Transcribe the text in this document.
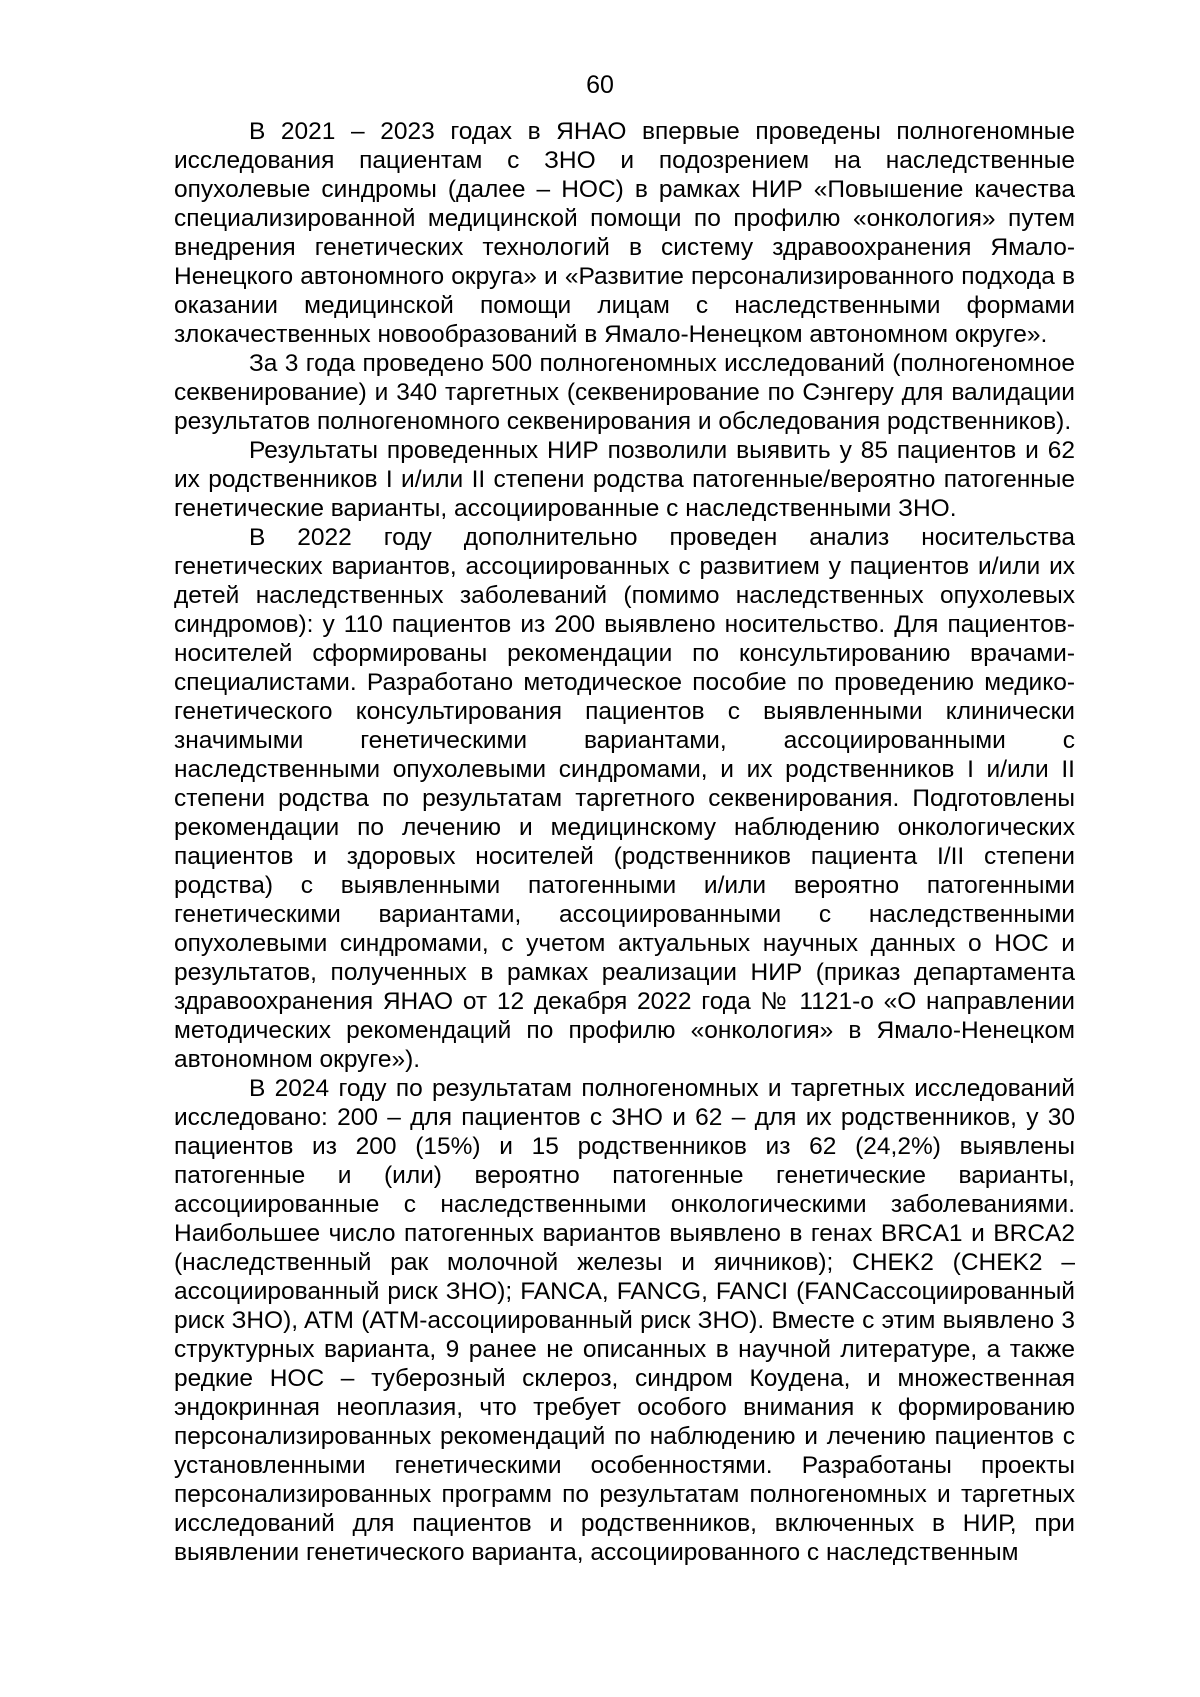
60

В 2021 – 2023 годах в ЯНАО впервые проведены полногеномные исследования пациентам с ЗНО и подозрением на наследственные опухолевые синдромы (далее – НОС) в рамках НИР «Повышение качества специализированной медицинской помощи по профилю «онкология» путем внедрения генетических технологий в систему здравоохранения Ямало-Ненецкого автономного округа» и «Развитие персонализированного подхода в оказании медицинской помощи лицам с наследственными формами злокачественных новообразований в Ямало-Ненецком автономном округе».

За 3 года проведено 500 полногеномных исследований (полногеномное секвенирование) и 340 таргетных (секвенирование по Сэнгеру для валидации результатов полногеномного секвенирования и обследования родственников).

Результаты проведенных НИР позволили выявить у 85 пациентов и 62 их родственников I и/или II степени родства патогенные/вероятно патогенные генетические варианты, ассоциированные с наследственными ЗНО.

В 2022 году дополнительно проведен анализ носительства генетических вариантов, ассоциированных с развитием у пациентов и/или их детей наследственных заболеваний (помимо наследственных опухолевых синдромов): у 110 пациентов из 200 выявлено носительство. Для пациентов-носителей сформированы рекомендации по консультированию врачами-специалистами. Разработано методическое пособие по проведению медико-генетического консультирования пациентов с выявленными клинически значимыми генетическими вариантами, ассоциированными с наследственными опухолевыми синдромами, и их родственников I и/или II степени родства по результатам таргетного секвенирования. Подготовлены рекомендации по лечению и медицинскому наблюдению онкологических пациентов и здоровых носителей (родственников пациента I/II степени родства) с выявленными патогенными и/или вероятно патогенными генетическими вариантами, ассоциированными с наследственными опухолевыми синдромами, с учетом актуальных научных данных о НОС и результатов, полученных в рамках реализации НИР (приказ департамента здравоохранения ЯНАО от 12 декабря 2022 года № 1121-о «О направлении методических рекомендаций по профилю «онкология» в Ямало-Ненецком автономном округе»).

В 2024 году по результатам полногеномных и таргетных исследований исследовано: 200 – для пациентов с ЗНО и 62 – для их родственников, у 30 пациентов из 200 (15%) и 15 родственников из 62 (24,2%) выявлены патогенные и (или) вероятно патогенные генетические варианты, ассоциированные с наследственными онкологическими заболеваниями. Наибольшее число патогенных вариантов выявлено в генах BRCA1 и BRCA2 (наследственный рак молочной железы и яичников); CHEK2 (CHEK2 – ассоциированный риск ЗНО); FANCA, FANCG, FANCI (FANCассоциированный риск ЗНО), ATM (ATM-ассоциированный риск ЗНО). Вместе с этим выявлено 3 структурных варианта, 9 ранее не описанных в научной литературе, а также редкие НОС – туберозный склероз, синдром Коудена, и множественная эндокринная неоплазия, что требует особого внимания к формированию персонализированных рекомендаций по наблюдению и лечению пациентов с установленными генетическими особенностями. Разработаны проекты персонализированных программ по результатам полногеномных и таргетных исследований для пациентов и родственников, включенных в НИР, при выявлении генетического варианта, ассоциированного с наследственным
